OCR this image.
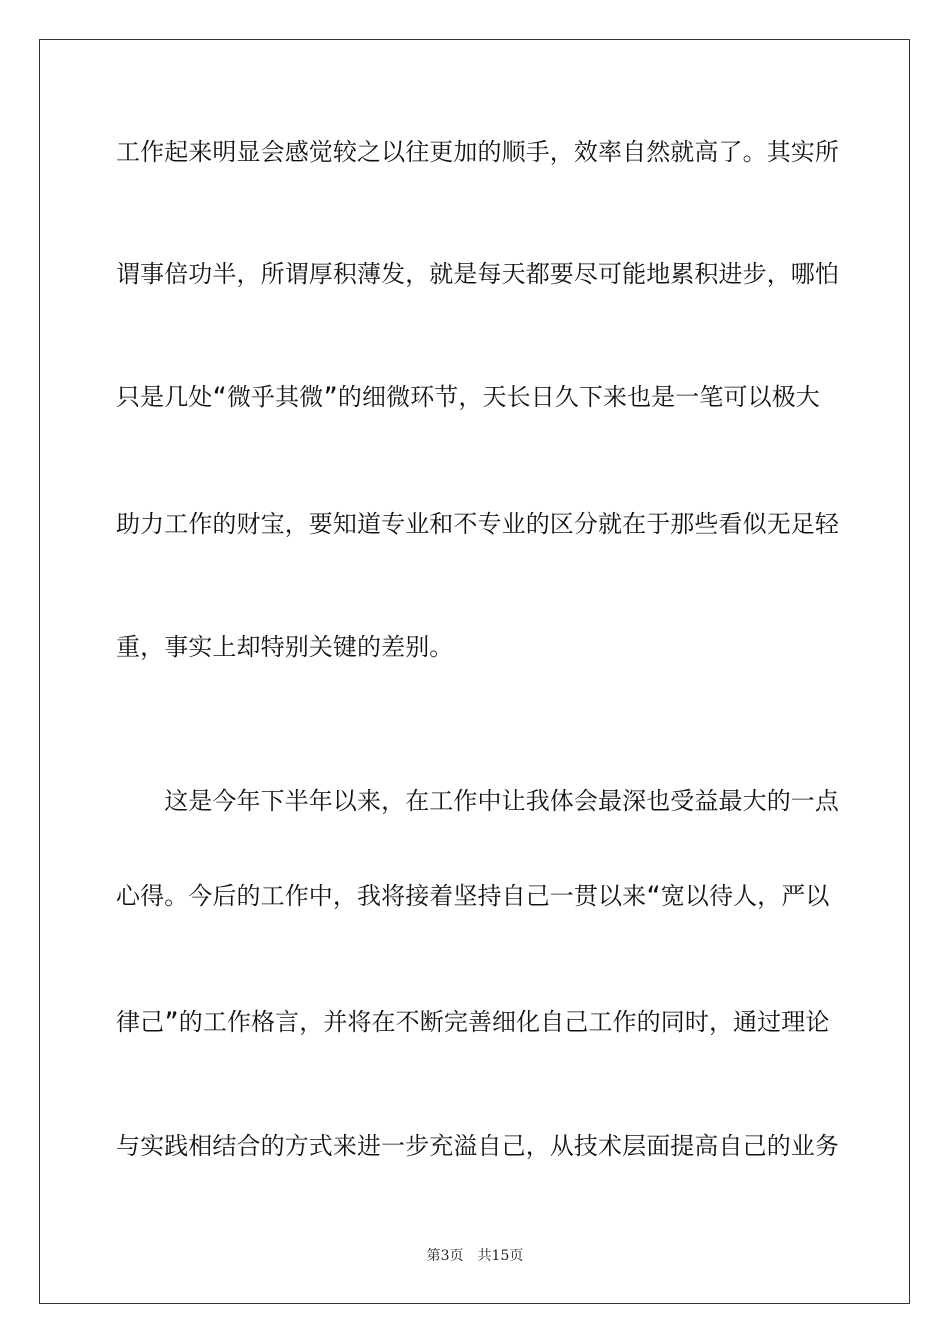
工作起来明显会感觉较之以往更加的顺手，效率自然就高了。其实所
谓事倍功半，所谓厚积薄发，就是每天都要尽可能地累积进步，哪怕
只是几处“微乎其微”的细微环节，天长日久下来也是一笔可以极大
助力工作的财宝，要知道专业和不专业的区分就在于那些看似无足轻
重，事实上却特别关键的差别。
　　这是今年下半年以来，在工作中让我体会最深也受益最大的一点
心得。今后的工作中，我将接着坚持自己一贯以来“宽以待人，严以
律己”的工作格言，并将在不断完善细化自己工作的同时，通过理论
与实践相结合的方式来进一步充溢自己，从技术层面提高自己的业务
第3页 共15页
